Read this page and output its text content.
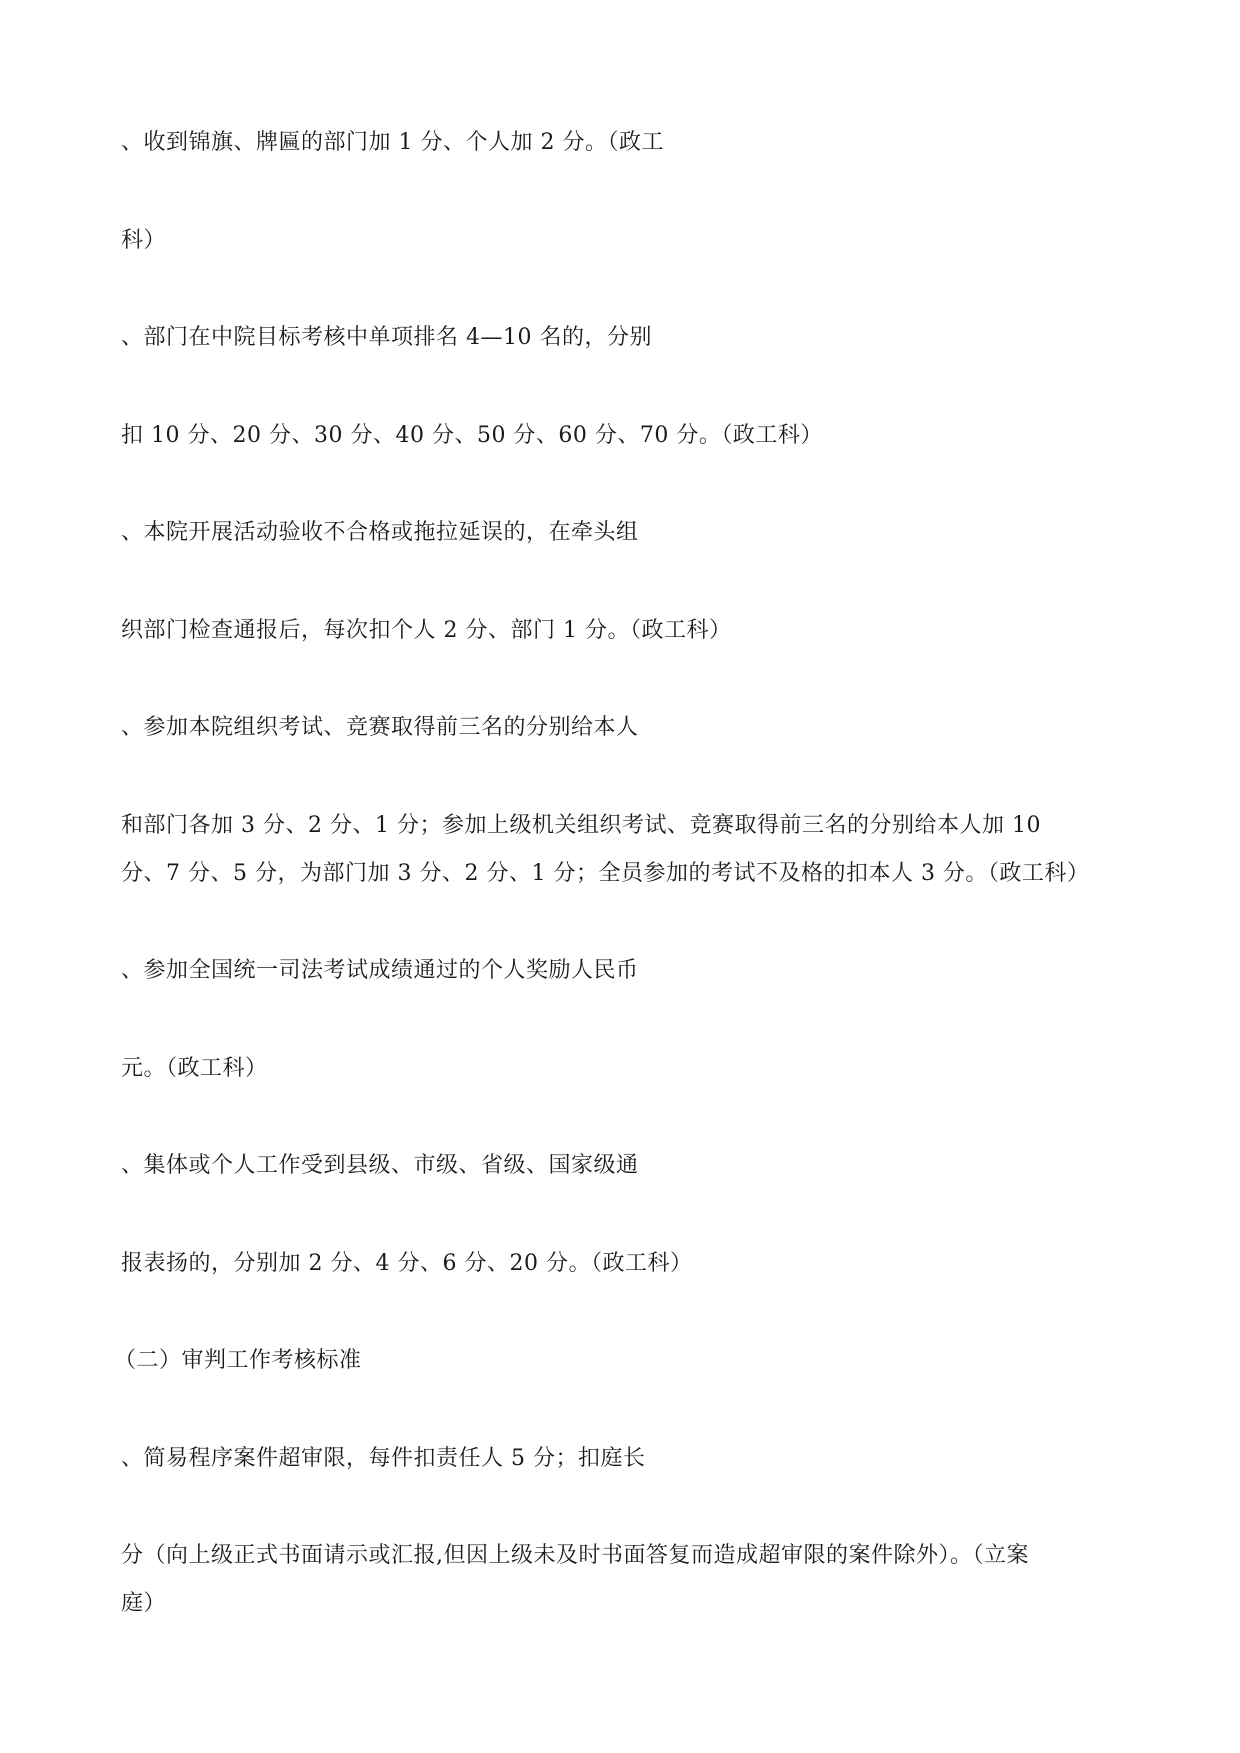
、收到锦旗、牌匾的部门加 1 分、个人加 2 分。（政工

科）

、部门在中院目标考核中单项排名 4—10 名的，分别

扣 10 分、20 分、30 分、40 分、50 分、60 分、70 分。（政工科）

、本院开展活动验收不合格或拖拉延误的，在牵头组

织部门检查通报后，每次扣个人 2 分、部门 1 分。（政工科）

、参加本院组织考试、竞赛取得前三名的分别给本人

和部门各加 3 分、2 分、1 分；参加上级机关组织考试、竞赛取得前三名的分别给本人加 10

分、7 分、5 分，为部门加 3 分、2 分、1 分；全员参加的考试不及格的扣本人 3 分。（政工科）

、参加全国统一司法考试成绩通过的个人奖励人民币

元。（政工科）

、集体或个人工作受到县级、市级、省级、国家级通

报表扬的，分别加 2 分、4 分、6 分、20 分。（政工科）

（二）审判工作考核标准

、简易程序案件超审限，每件扣责任人 5 分；扣庭长

分（向上级正式书面请示或汇报,但因上级未及时书面答复而造成超审限的案件除外）。（立案

庭）
